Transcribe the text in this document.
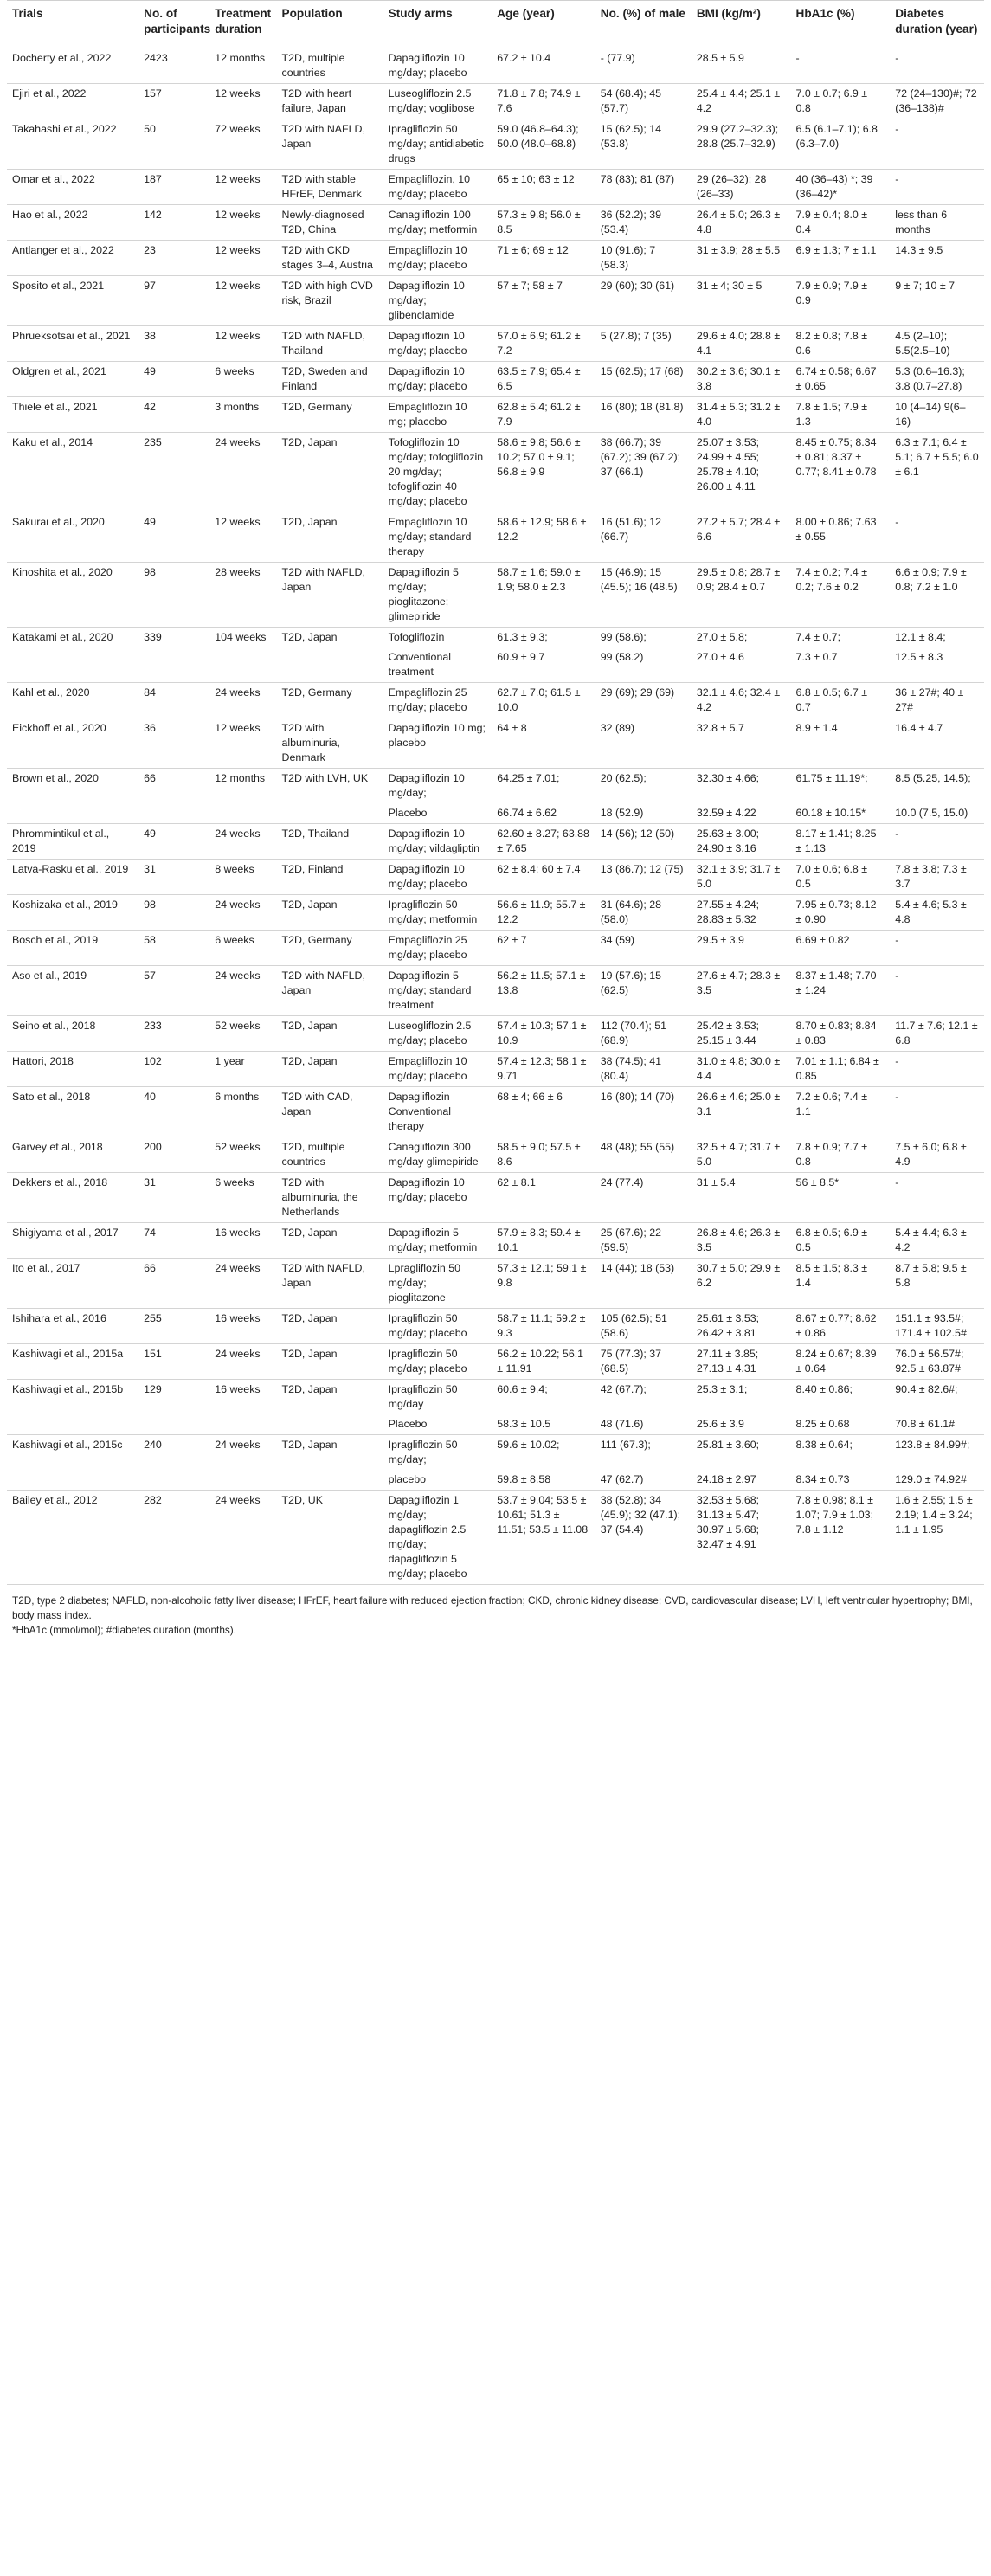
Trials	No. of participants	Treatment duration	Population	Study arms	Age (year)	No. (%) of male	BMI (kg/m²)	HbA1c (%)	Diabetes duration (year)
Docherty et al., 2022	2423	12 months	T2D, multiple countries	Dapagliflozin 10 mg/day; placebo	67.2 ± 10.4	- (77.9)	28.5 ± 5.9	-	-
Ejiri et al., 2022	157	12 weeks	T2D with heart failure, Japan	Luseogliflozin 2.5 mg/day; voglibose	71.8 ± 7.8; 74.9 ± 7.6	54 (68.4); 45 (57.7)	25.4 ± 4.4; 25.1 ± 4.2	7.0 ± 0.7; 6.9 ± 0.8	72 (24–130)#; 72 (36–138)#
Takahashi et al., 2022	50	72 weeks	T2D with NAFLD, Japan	Ipragliflozin 50 mg/day; antidiabetic drugs	59.0 (46.8–64.3); 50.0 (48.0–68.8)	15 (62.5); 14 (53.8)	29.9 (27.2–32.3); 28.8 (25.7–32.9)	6.5 (6.1–7.1); 6.8 (6.3–7.0)	-
Omar et al., 2022	187	12 weeks	T2D with stable HFrEF, Denmark	Empagliflozin, 10 mg/day; placebo	65 ± 10; 63 ± 12	78 (83); 81 (87)	29 (26–32); 28 (26–33)	40 (36–43) *; 39 (36–42)*	-
Hao et al., 2022	142	12 weeks	Newly-diagnosed T2D, China	Canagliflozin 100 mg/day; metformin	57.3 ± 9.8; 56.0 ± 8.5	36 (52.2); 39 (53.4)	26.4 ± 5.0; 26.3 ± 4.8	7.9 ± 0.4; 8.0 ± 0.4	less than 6 months
Antlanger et al., 2022	23	12 weeks	T2D with CKD stages 3–4, Austria	Empagliflozin 10 mg/day; placebo	71 ± 6; 69 ± 12	10 (91.6); 7 (58.3)	31 ± 3.9; 28 ± 5.5	6.9 ± 1.3; 7 ± 1.1	14.3 ± 9.5
Sposito et al., 2021	97	12 weeks	T2D with high CVD risk, Brazil	Dapagliflozin 10 mg/day; glibenclamide	57 ± 7; 58 ± 7	29 (60); 30 (61)	31 ± 4; 30 ± 5	7.9 ± 0.9; 7.9 ± 0.9	9 ± 7; 10 ± 7
Phrueksotsai et al., 2021	38	12 weeks	T2D with NAFLD, Thailand	Dapagliflozin 10 mg/day; placebo	57.0 ± 6.9; 61.2 ± 7.2	5 (27.8); 7 (35)	29.6 ± 4.0; 28.8 ± 4.1	8.2 ± 0.8; 7.8 ± 0.6	4.5 (2–10); 5.5(2.5–10)
Oldgren et al., 2021	49	6 weeks	T2D, Sweden and Finland	Dapagliflozin 10 mg/day; placebo	63.5 ± 7.9; 65.4 ± 6.5	15 (62.5); 17 (68)	30.2 ± 3.6; 30.1 ± 3.8	6.74 ± 0.58; 6.67 ± 0.65	5.3 (0.6–16.3); 3.8 (0.7–27.8)
Thiele et al., 2021	42	3 months	T2D, Germany	Empagliflozin 10 mg; placebo	62.8 ± 5.4; 61.2 ± 7.9	16 (80); 18 (81.8)	31.4 ± 5.3; 31.2 ± 4.0	7.8 ± 1.5; 7.9 ± 1.3	10 (4–14) 9(6–16)
Kaku et al., 2014	235	24 weeks	T2D, Japan	Tofogliflozin 10 mg/day; tofogliflozin 20 mg/day; tofogliflozin 40 mg/day; placebo	58.6 ± 9.8; 56.6 ± 10.2; 57.0 ± 9.1; 56.8 ± 9.9	38 (66.7); 39 (67.2); 39 (67.2); 37 (66.1)	25.07 ± 3.53; 24.99 ± 4.55; 25.78 ± 4.10; 26.00 ± 4.11	8.45 ± 0.75; 8.34 ± 0.81; 8.37 ± 0.77; 8.41 ± 0.78	6.3 ± 7.1; 6.4 ± 5.1; 6.7 ± 5.5; 6.0 ± 6.1
Sakurai et al., 2020	49	12 weeks	T2D, Japan	Empagliflozin 10 mg/day; standard therapy	58.6 ± 12.9; 58.6 ± 12.2	16 (51.6); 12 (66.7)	27.2 ± 5.7; 28.4 ± 6.6	8.00 ± 0.86; 7.63 ± 0.55	-
Kinoshita et al., 2020	98	28 weeks	T2D with NAFLD, Japan	Dapagliflozin 5 mg/day; pioglitazone; glimepiride	58.7 ± 1.6; 59.0 ± 1.9; 58.0 ± 2.3	15 (46.9); 15 (45.5); 16 (48.5)	29.5 ± 0.8; 28.7 ± 0.9; 28.4 ± 0.7	7.4 ± 0.2; 7.4 ± 0.2; 7.6 ± 0.2	6.6 ± 0.9; 7.9 ± 0.8; 7.2 ± 1.0
Katakami et al., 2020	339	104 weeks	T2D, Japan	Tofogliflozin	61.3 ± 9.3;	99 (58.6);	27.0 ± 5.8;	7.4 ± 0.7;	12.1 ± 8.4;
				Conventional treatment	60.9 ± 9.7	99 (58.2)	27.0 ± 4.6	7.3 ± 0.7	12.5 ± 8.3
Kahl et al., 2020	84	24 weeks	T2D, Germany	Empagliflozin 25 mg/day; placebo	62.7 ± 7.0; 61.5 ± 10.0	29 (69); 29 (69)	32.1 ± 4.6; 32.4 ± 4.2	6.8 ± 0.5; 6.7 ± 0.7	36 ± 27#; 40 ± 27#
Eickhoff et al., 2020	36	12 weeks	T2D with albuminuria, Denmark	Dapagliflozin 10 mg; placebo	64 ± 8	32 (89)	32.8 ± 5.7	8.9 ± 1.4	16.4 ± 4.7
Brown et al., 2020	66	12 months	T2D with LVH, UK	Dapagliflozin 10 mg/day;	64.25 ± 7.01;	20 (62.5);	32.30 ± 4.66;	61.75 ± 11.19*;	8.5 (5.25, 14.5);
				Placebo	66.74 ± 6.62	18 (52.9)	32.59 ± 4.22	60.18 ± 10.15*	10.0 (7.5, 15.0)
Phrommintikul et al., 2019	49	24 weeks	T2D, Thailand	Dapagliflozin 10 mg/day; vildagliptin	62.60 ± 8.27; 63.88 ± 7.65	14 (56); 12 (50)	25.63 ± 3.00; 24.90 ± 3.16	8.17 ± 1.41; 8.25 ± 1.13	-
Latva-Rasku et al., 2019	31	8 weeks	T2D, Finland	Dapagliflozin 10 mg/day; placebo	62 ± 8.4; 60 ± 7.4	13 (86.7); 12 (75)	32.1 ± 3.9; 31.7 ± 5.0	7.0 ± 0.6; 6.8 ± 0.5	7.8 ± 3.8; 7.3 ± 3.7
Koshizaka et al., 2019	98	24 weeks	T2D, Japan	Ipragliflozin 50 mg/day; metformin	56.6 ± 11.9; 55.7 ± 12.2	31 (64.6); 28 (58.0)	27.55 ± 4.24; 28.83 ± 5.32	7.95 ± 0.73; 8.12 ± 0.90	5.4 ± 4.6; 5.3 ± 4.8
Bosch et al., 2019	58	6 weeks	T2D, Germany	Empagliflozin 25 mg/day; placebo	62 ± 7	34 (59)	29.5 ± 3.9	6.69 ± 0.82	-
Aso et al., 2019	57	24 weeks	T2D with NAFLD, Japan	Dapagliflozin 5 mg/day; standard treatment	56.2 ± 11.5; 57.1 ± 13.8	19 (57.6); 15 (62.5)	27.6 ± 4.7; 28.3 ± 3.5	8.37 ± 1.48; 7.70 ± 1.24	-
Seino et al., 2018	233	52 weeks	T2D, Japan	Luseogliflozin 2.5 mg/day; placebo	57.4 ± 10.3; 57.1 ± 10.9	112 (70.4); 51 (68.9)	25.42 ± 3.53; 25.15 ± 3.44	8.70 ± 0.83; 8.84 ± 0.83	11.7 ± 7.6; 12.1 ± 6.8
Hattori, 2018	102	1 year	T2D, Japan	Empagliflozin 10 mg/day; placebo	57.4 ± 12.3; 58.1 ± 9.71	38 (74.5); 41 (80.4)	31.0 ± 4.8; 30.0 ± 4.4	7.01 ± 1.1; 6.84 ± 0.85	-
Sato et al., 2018	40	6 months	T2D with CAD, Japan	Dapagliflozin Conventional therapy	68 ± 4; 66 ± 6	16 (80); 14 (70)	26.6 ± 4.6; 25.0 ± 3.1	7.2 ± 0.6; 7.4 ± 1.1	-
Garvey et al., 2018	200	52 weeks	T2D, multiple countries	Canagliflozin 300 mg/day glimepiride	58.5 ± 9.0; 57.5 ± 8.6	48 (48); 55 (55)	32.5 ± 4.7; 31.7 ± 5.0	7.8 ± 0.9; 7.7 ± 0.8	7.5 ± 6.0; 6.8 ± 4.9
Dekkers et al., 2018	31	6 weeks	T2D with albuminuria, the Netherlands	Dapagliflozin 10 mg/day; placebo	62 ± 8.1	24 (77.4)	31 ± 5.4	56 ± 8.5*	-
Shigiyama et al., 2017	74	16 weeks	T2D, Japan	Dapagliflozin 5 mg/day; metformin	57.9 ± 8.3; 59.4 ± 10.1	25 (67.6); 22 (59.5)	26.8 ± 4.6; 26.3 ± 3.5	6.8 ± 0.5; 6.9 ± 0.5	5.4 ± 4.4; 6.3 ± 4.2
Ito et al., 2017	66	24 weeks	T2D with NAFLD, Japan	Lpragliflozin 50 mg/day; pioglitazone	57.3 ± 12.1; 59.1 ± 9.8	14 (44); 18 (53)	30.7 ± 5.0; 29.9 ± 6.2	8.5 ± 1.5; 8.3 ± 1.4	8.7 ± 5.8; 9.5 ± 5.8
Ishihara et al., 2016	255	16 weeks	T2D, Japan	Ipragliflozin 50 mg/day; placebo	58.7 ± 11.1; 59.2 ± 9.3	105 (62.5); 51 (58.6)	25.61 ± 3.53; 26.42 ± 3.81	8.67 ± 0.77; 8.62 ± 0.86	151.1 ± 93.5#; 171.4 ± 102.5#
Kashiwagi et al., 2015a	151	24 weeks	T2D, Japan	Ipragliflozin 50 mg/day; placebo	56.2 ± 10.22; 56.1 ± 11.91	75 (77.3); 37 (68.5)	27.11 ± 3.85; 27.13 ± 4.31	8.24 ± 0.67; 8.39 ± 0.64	76.0 ± 56.57#; 92.5 ± 63.87#
Kashiwagi et al., 2015b	129	16 weeks	T2D, Japan	Ipragliflozin 50 mg/day	60.6 ± 9.4;	42 (67.7);	25.3 ± 3.1;	8.40 ± 0.86;	90.4 ± 82.6#;
				Placebo	58.3 ± 10.5	48 (71.6)	25.6 ± 3.9	8.25 ± 0.68	70.8 ± 61.1#
Kashiwagi et al., 2015c	240	24 weeks	T2D, Japan	Ipragliflozin 50 mg/day;	59.6 ± 10.02;	111 (67.3);	25.81 ± 3.60;	8.38 ± 0.64;	123.8 ± 84.99#;
				placebo	59.8 ± 8.58	47 (62.7)	24.18 ± 2.97	8.34 ± 0.73	129.0 ± 74.92#
Bailey et al., 2012	282	24 weeks	T2D, UK	Dapagliflozin 1 mg/day; dapagliflozin 2.5 mg/day; dapagliflozin 5 mg/day; placebo	53.7 ± 9.04; 53.5 ± 10.61; 51.3 ± 11.51; 53.5 ± 11.08	38 (52.8); 34 (45.9); 32 (47.1); 37 (54.4)	32.53 ± 5.68; 31.13 ± 5.47; 30.97 ± 5.68; 32.47 ± 4.91	7.8 ± 0.98; 8.1 ± 1.07; 7.9 ± 1.03; 7.8 ± 1.12	1.6 ± 2.55; 1.5 ± 2.19; 1.4 ± 3.24; 1.1 ± 1.95
T2D, type 2 diabetes; NAFLD, non-alcoholic fatty liver disease; HFrEF, heart failure with reduced ejection fraction; CKD, chronic kidney disease; CVD, cardiovascular disease; LVH, left ventricular hypertrophy; BMI, body mass index.
*HbA1c (mmol/mol); #diabetes duration (months).
